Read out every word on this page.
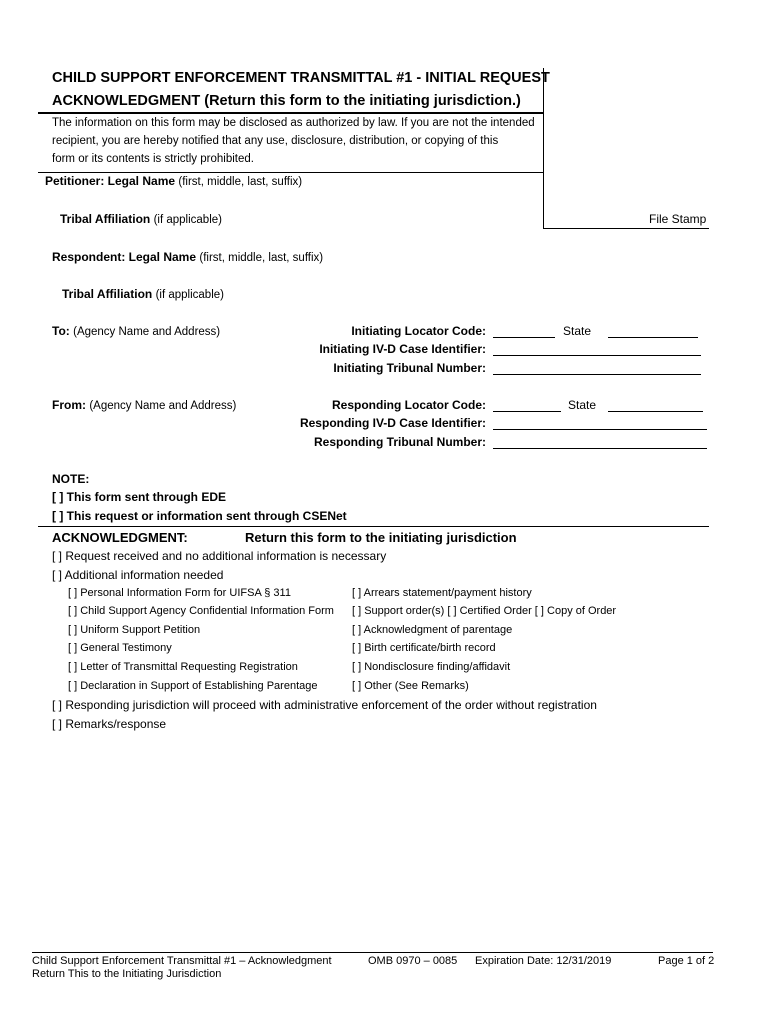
CHILD SUPPORT ENFORCEMENT TRANSMITTAL #1 - INITIAL REQUEST
ACKNOWLEDGMENT (Return this form to the initiating jurisdiction.)
The information on this form may be disclosed as authorized by law. If you are not the intended
recipient, you are hereby notified that any use, disclosure, distribution, or copying of this
form or its contents is strictly prohibited.
Petitioner: Legal Name (first, middle, last, suffix)
Tribal Affiliation (if applicable)	File Stamp
Respondent: Legal Name (first, middle, last, suffix)
Tribal Affiliation (if applicable)
To: (Agency Name and Address)	Initiating Locator Code:	State
Initiating IV-D Case Identifier:
Initiating Tribunal Number:
From: (Agency Name and Address)	Responding Locator Code:	State
Responding IV-D Case Identifier:
Responding Tribunal Number:
NOTE:
[ ] This form sent through EDE
[ ] This request or information sent through CSENet
ACKNOWLEDGMENT:	Return this form to the initiating jurisdiction
[ ] Request received and no additional information is necessary
[ ] Additional information needed
[ ] Personal Information Form for UIFSA § 311
[ ] Child Support Agency Confidential Information Form
[ ] Uniform Support Petition
[ ] General Testimony
[ ] Letter of Transmittal Requesting Registration
[ ] Declaration in Support of Establishing Parentage
[ ] Arrears statement/payment history
[ ] Support order(s) [ ] Certified Order [ ] Copy of Order
[ ] Acknowledgment of parentage
[ ] Birth certificate/birth record
[ ] Nondisclosure finding/affidavit
[ ] Other (See Remarks)
[ ] Responding jurisdiction will proceed with administrative enforcement of the order without registration
[ ] Remarks/response
Child Support Enforcement Transmittal #1 – Acknowledgment
Return This to the Initiating Jurisdiction
OMB 0970 – 0085 Expiration Date: 12/31/2019	Page 1 of 2
